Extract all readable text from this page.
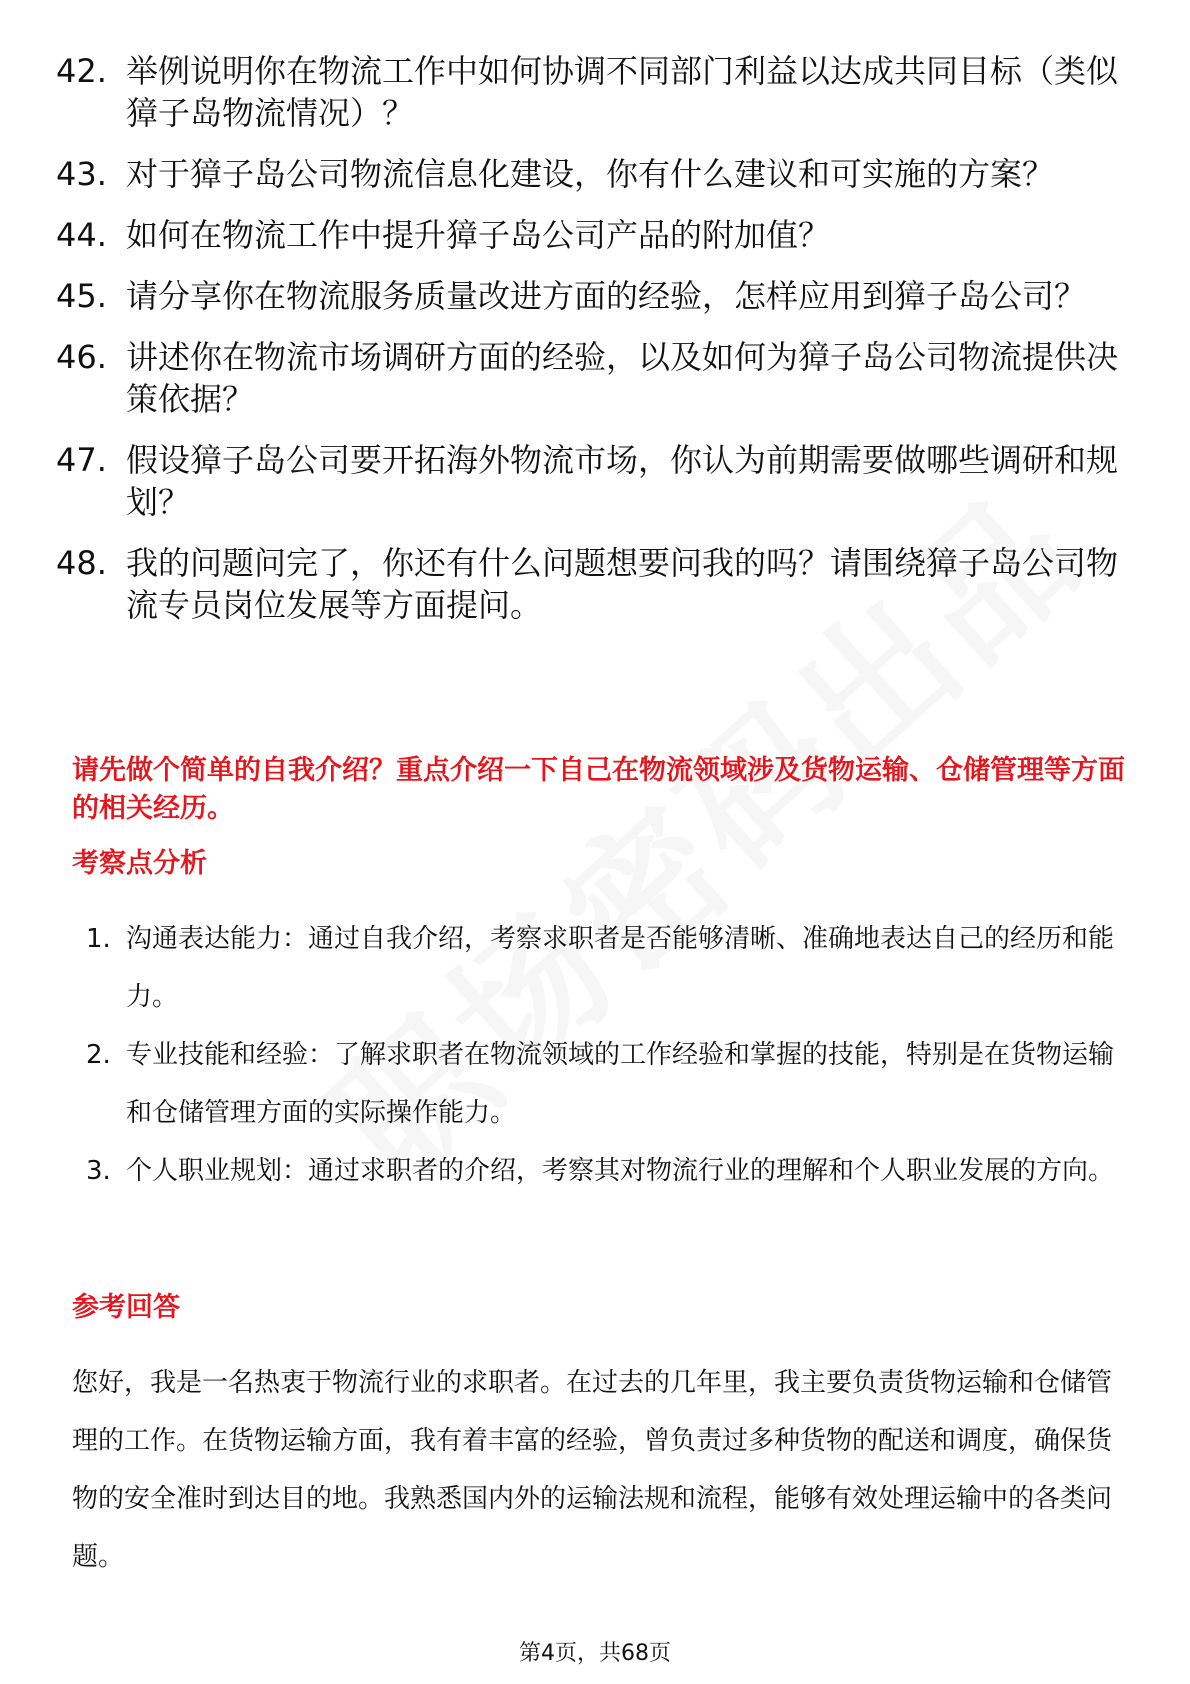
42. 举例说明你在物流工作中如何协调不同部门利益以达成共同目标（类似獐子岛物流情况）？
43. 对于獐子岛公司物流信息化建设，你有什么建议和可实施的方案？
44. 如何在物流工作中提升獐子岛公司产品的附加值？
45. 请分享你在物流服务质量改进方面的经验，怎样应用到獐子岛公司？
46. 讲述你在物流市场调研方面的经验，以及如何为獐子岛公司物流提供决策依据？
47. 假设獐子岛公司要开拓海外物流市场，你认为前期需要做哪些调研和规划？
48. 我的问题问完了，你还有什么问题想要问我的吗？请围绕獐子岛公司物流专员岗位发展等方面提问。

请先做个简单的自我介绍？重点介绍一下自己在物流领域涉及货物运输、仓储管理等方面的相关经历。

考察点分析
1. 沟通表达能力：通过自我介绍，考察求职者是否能够清晰、准确地表达自己的经历和能力。
2. 专业技能和经验：了解求职者在物流领域的工作经验和掌握的技能，特别是在货物运输和仓储管理方面的实际操作能力。
3. 个人职业规划：通过求职者的介绍，考察其对物流行业的理解和个人职业发展的方向。
参考回答

您好，我是一名热衷于物流行业的求职者。在过去的几年里，我主要负责货物运输和仓储管理的工作。在货物运输方面，我有着丰富的经验，曾负责过多种货物的配送和调度，确保货物的安全准时到达目的地。我熟悉国内外的运输法规和流程，能够有效处理运输中的各类问题。

第4页，共68页
